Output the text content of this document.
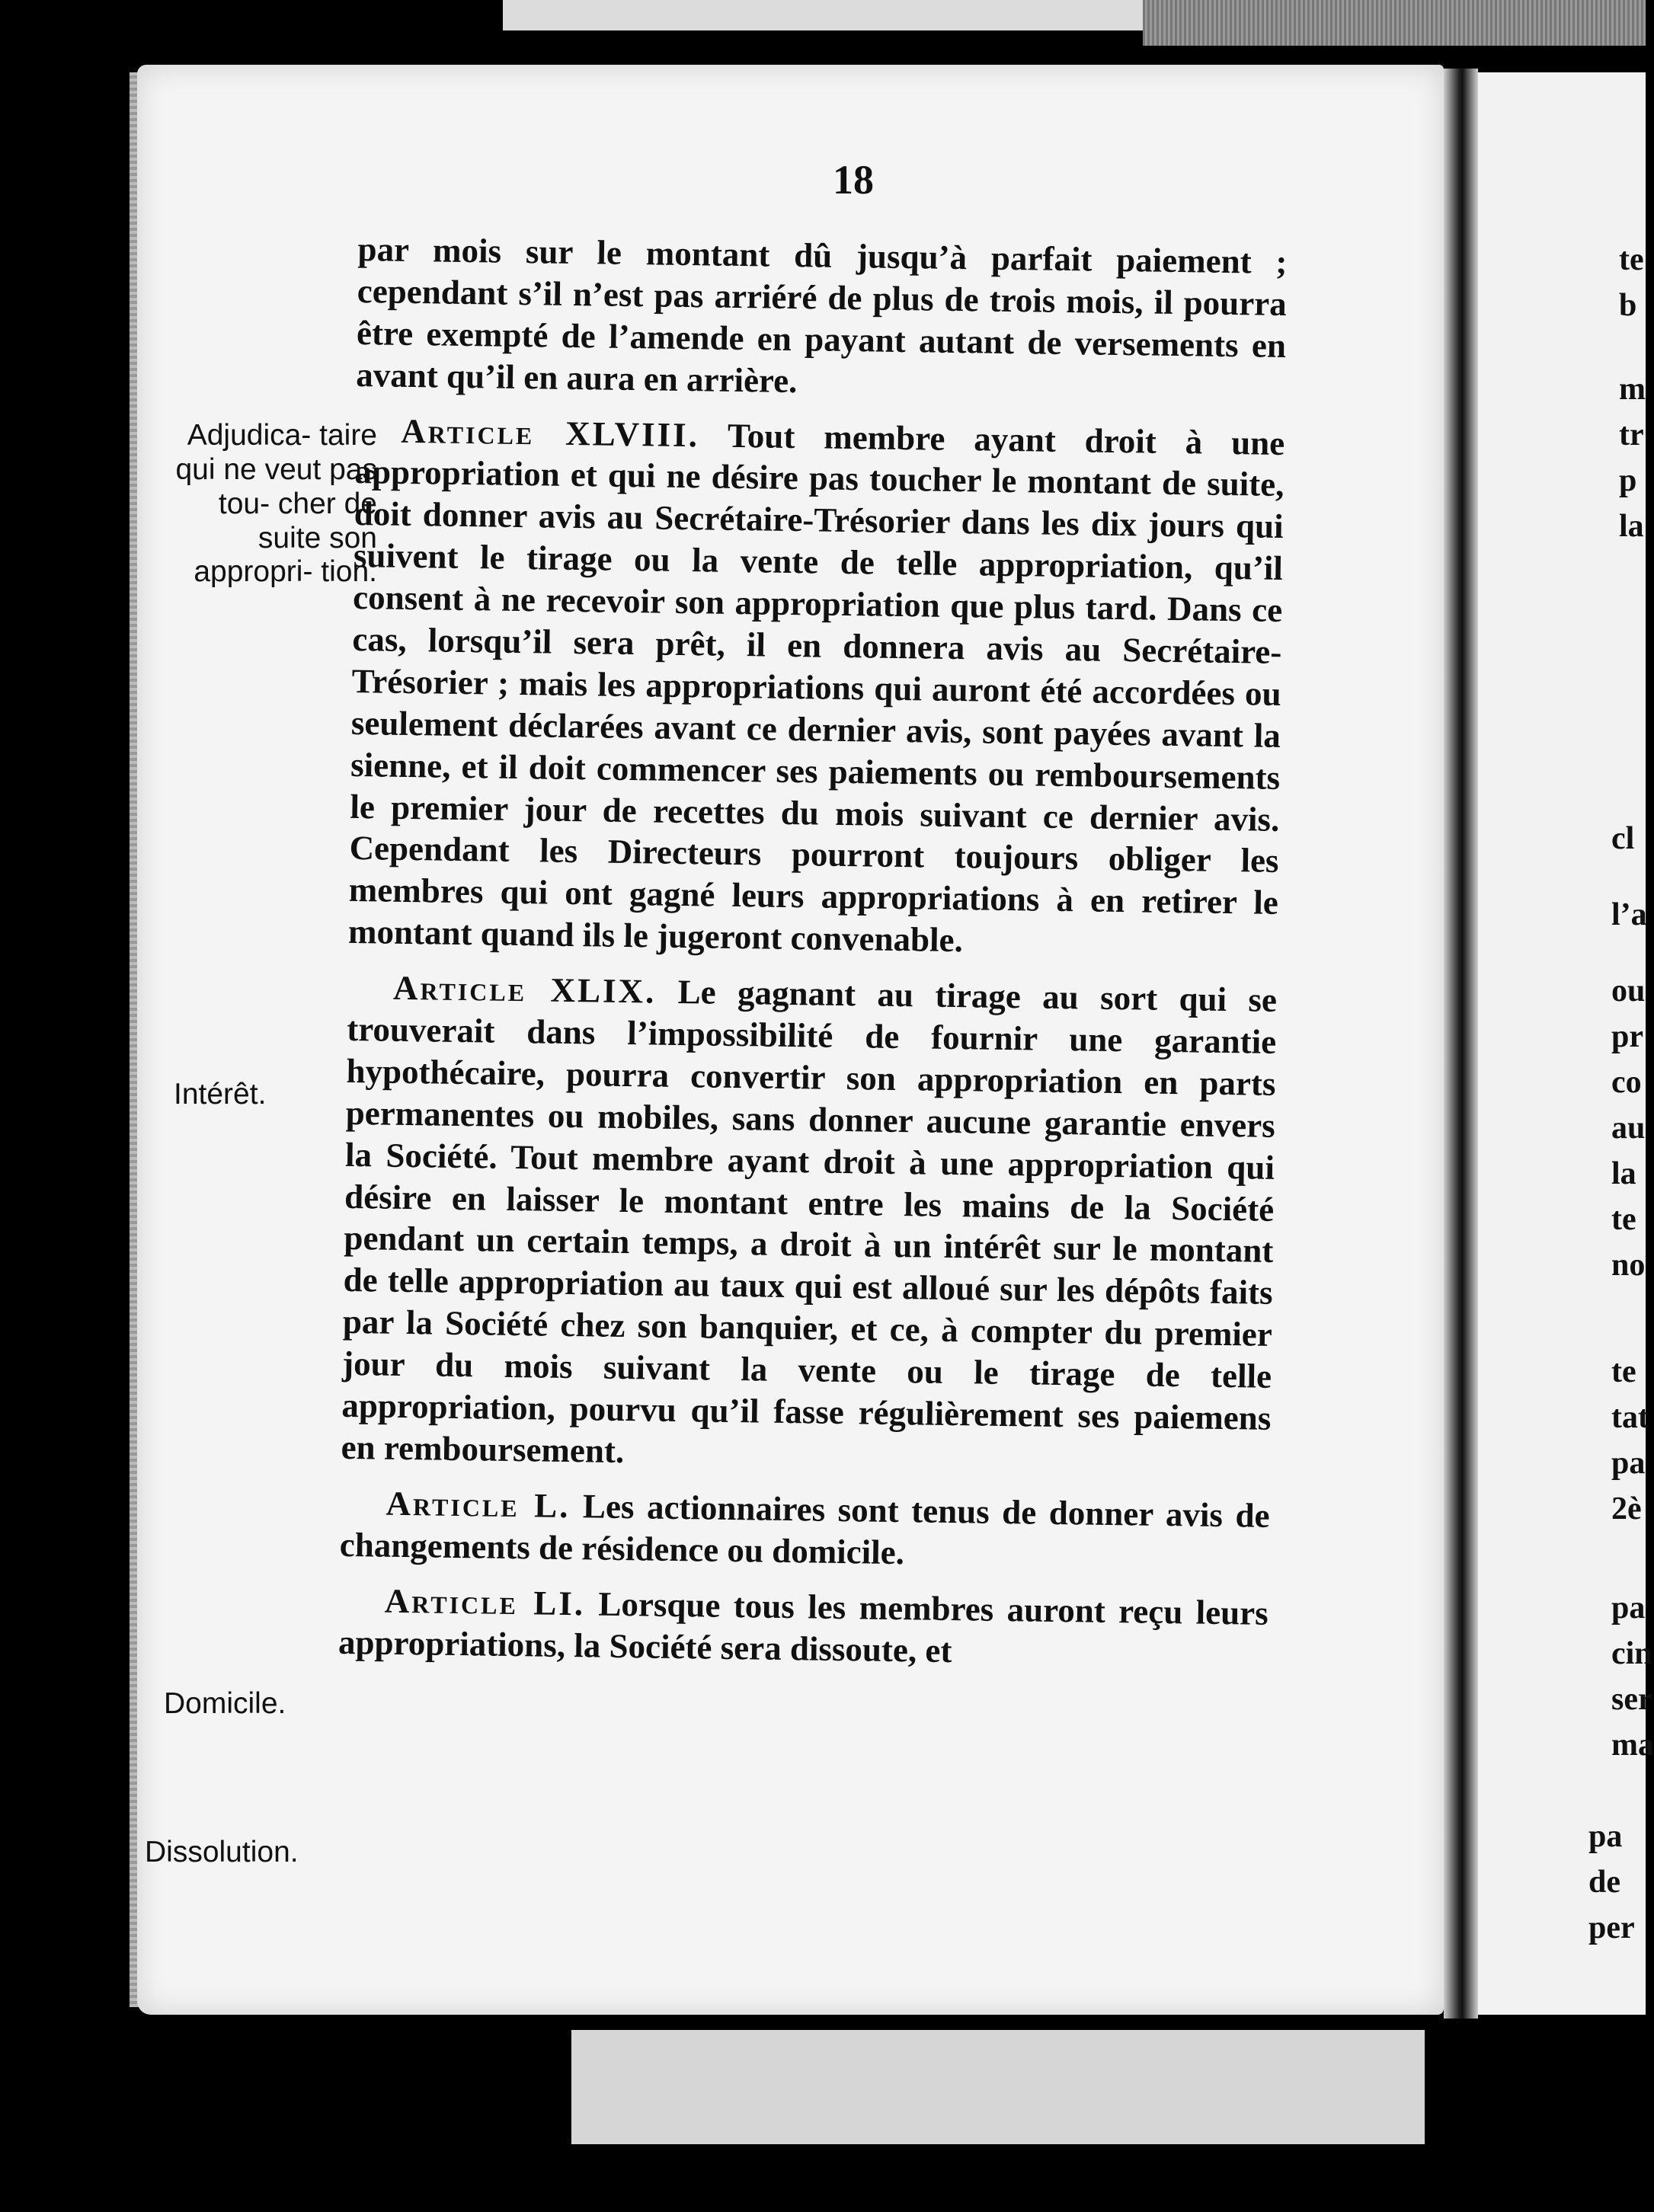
18
Adjudica- taire qui ne veut pas tou- cher de suite son appropri- tion.
Intérêt.
Domicile.
Dissolution.

par mois sur le montant dû jusqu’à parfait paiement ; cependant s’il n’est pas arriéré de plus de trois mois, il pourra être exempté de l’amende en payant autant de versements en avant qu’il en aura en arrière.

Article XLVIII. Tout membre ayant droit à une appropriation et qui ne désire pas toucher le montant de suite, doit donner avis au Secrétaire-Trésorier dans les dix jours qui suivent le tirage ou la vente de telle appropriation, qu’il consent à ne recevoir son appropriation que plus tard. Dans ce cas, lorsqu’il sera prêt, il en donnera avis au Secrétaire-Trésorier ; mais les appropriations qui auront été accordées ou seulement déclarées avant ce dernier avis, sont payées avant la sienne, et il doit commencer ses paiements ou remboursements le premier jour de recettes du mois suivant ce dernier avis. Cependant les Directeurs pourront toujours obliger les membres qui ont gagné leurs appropriations à en retirer le montant quand ils le jugeront convenable.

Article XLIX. Le gagnant au tirage au sort qui se trouverait dans l’impossibilité de fournir une garantie hypothécaire, pourra convertir son appropriation en parts permanentes ou mobiles, sans donner aucune garantie envers la Société. Tout membre ayant droit à une appropriation qui désire en laisser le montant entre les mains de la Société pendant un certain temps, a droit à un intérêt sur le montant de telle appropriation au taux qui est alloué sur les dépôts faits par la Société chez son banquier, et ce, à compter du premier jour du mois suivant la vente ou le tirage de telle appropriation, pourvu qu’il fasse régulièrement ses paiemens en remboursement.

Article L. Les actionnaires sont tenus de donner avis de changements de résidence ou domicile.

Article LI. Lorsque tous les membres auront reçu leurs appropriations, la Société sera dissoute, et

te
b
m
tr
p
la
cl
l’a
ou
pr
co
au
la
te
no
te
tat
pa
2è
pa
cin
ser
ma
pa
de
per
